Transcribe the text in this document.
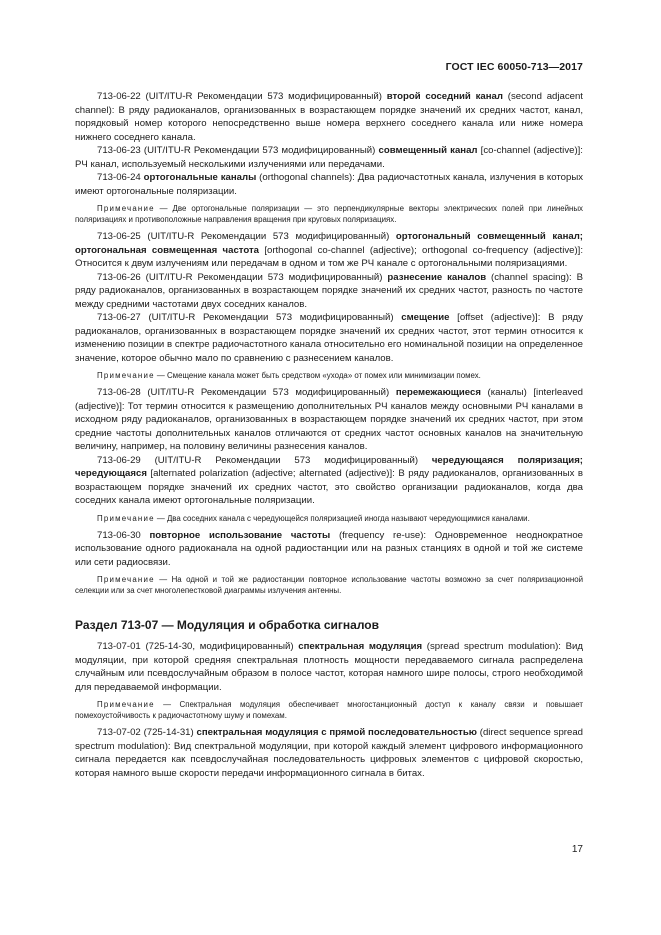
ГОСТ IEC 60050-713—2017

713-06-22 (UIT/ITU-R Рекомендации 573 модифицированный) второй соседний канал (second adjacent channel): В ряду радиоканалов, организованных в возрастающем порядке значений их средних частот, канал, порядковый номер которого непосредственно выше номера верхнего соседнего канала или ниже номера нижнего соседнего канала.

713-06-23 (UIT/ITU-R Рекомендации 573 модифицированный) совмещенный канал [co-channel (adjective)]: РЧ канал, используемый несколькими излучениями или передачами.

713-06-24 ортогональные каналы (orthogonal channels): Два радиочастотных канала, излучения в которых имеют ортогональные поляризации.

Примечание — Две ортогональные поляризации — это перпендикулярные векторы электрических полей при линейных поляризациях и противоположные направления вращения при круговых поляризациях.

713-06-25 (UIT/ITU-R Рекомендации 573 модифицированный) ортогональный совмещенный канал; ортогональная совмещенная частота [orthogonal co-channel (adjective); orthogonal co-frequency (adjective)]: Относится к двум излучениям или передачам в одном и том же РЧ канале с ортогональными поляризациями.

713-06-26 (UIT/ITU-R Рекомендации 573 модифицированный) разнесение каналов (channel spacing): В ряду радиоканалов, организованных в возрастающем порядке значений их средних частот, разность по частоте между средними частотами двух соседних каналов.

713-06-27 (UIT/ITU-R Рекомендации 573 модифицированный) смещение [offset (adjective)]: В ряду радиоканалов, организованных в возрастающем порядке значений их средних частот, этот термин относится к изменению позиции в спектре радиочастотного канала относительно его номинальной позиции на определенное значение, которое обычно мало по сравнению с разнесением каналов.

Примечание — Смещение канала может быть средством «ухода» от помех или минимизации помех.

713-06-28 (UIT/ITU-R Рекомендации 573 модифицированный) перемежающиеся (каналы) [interleaved (adjective)]: Тот термин относится к размещению дополнительных РЧ каналов между основными РЧ каналами в исходном ряду радиоканалов, организованных в возрастающем порядке значений их средних частот, при этом средние частоты дополнительных каналов отличаются от средних частот основных каналов на значительную величину, например, на половину величины разнесения каналов.

713-06-29 (UIT/ITU-R Рекомендации 573 модифицированный) чередующаяся поляризация; чередующаяся [alternated polarization (adjective; alternated (adjective)]: В ряду радиоканалов, организованных в возрастающем порядке значений их средних частот, это свойство организации радиоканалов, когда два соседних канала имеют ортогональные поляризации.

Примечание — Два соседних канала с чередующейся поляризацией иногда называют чередующимися каналами.

713-06-30 повторное использование частоты (frequency re-use): Одновременное неоднократное использование одного радиоканала на одной радиостанции или на разных станциях в одной и той же системе или сети радиосвязи.

Примечание — На одной и той же радиостанции повторное использование частоты возможно за счет поляризационной селекции или за счет многолепестковой диаграммы излучения антенны.

Раздел 713-07 — Модуляция и обработка сигналов

713-07-01 (725-14-30, модифицированный) спектральная модуляция (spread spectrum modulation): Вид модуляции, при которой средняя спектральная плотность мощности передаваемого сигнала распределена случайным или псевдослучайным образом в полосе частот, которая намного шире полосы, строго необходимой для передаваемой информации.

Примечание — Спектральная модуляция обеспечивает многостанционный доступ к каналу связи и повышает помехоустойчивость к радиочастотному шуму и помехам.

713-07-02 (725-14-31) спектральная модуляция с прямой последовательностью (direct sequence spread spectrum modulation): Вид спектральной модуляции, при которой каждый элемент цифрового информационного сигнала передается как псевдослучайная последовательность цифровых элементов с цифровой скоростью, которая намного выше скорости передачи информационного сигнала в битах.

17
